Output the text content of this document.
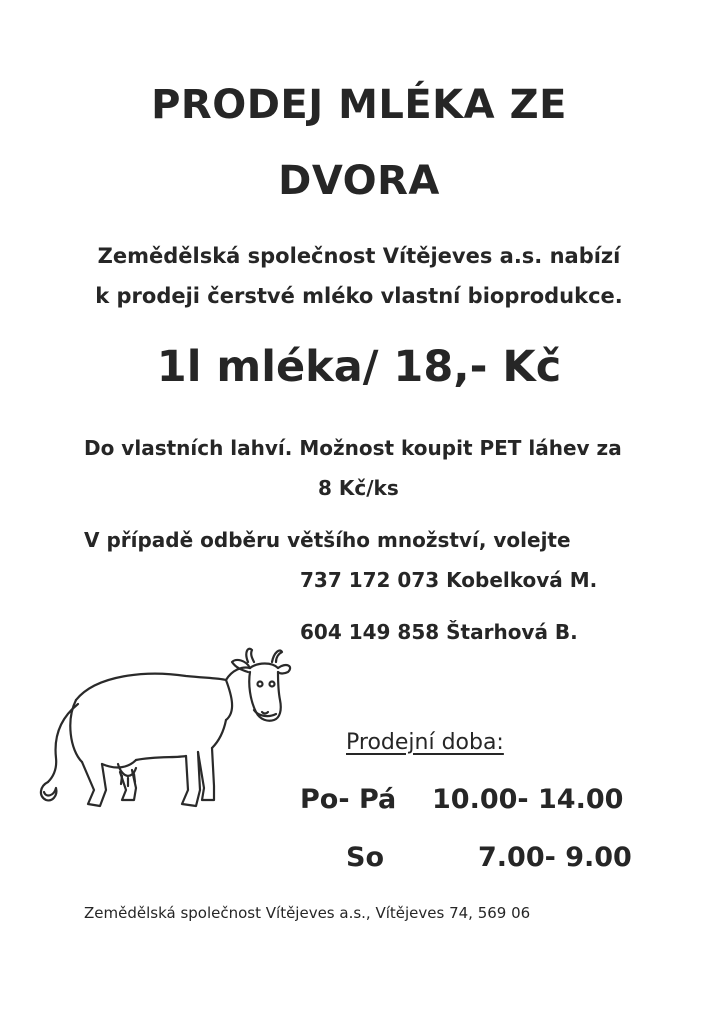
PRODEJ MLÉKA ZE
DVORA
Zemědělská společnost Vítějeves a.s. nabízí
k prodeji čerstvé mléko vlastní bioprodukce.
1l mléka/ 18,- Kč
Do vlastních lahví. Možnost koupit PET láhev za
8 Kč/ks
V případě odběru většího množství, volejte
737 172 073 Kobelková M.
604 149 858 Štarhová B.
Prodejní doba:
Po- Pá 10.00- 14.00
So	7.00- 9.00
Zemědělská společnost Vítějeves a.s., Vítějeves 74, 569 06
